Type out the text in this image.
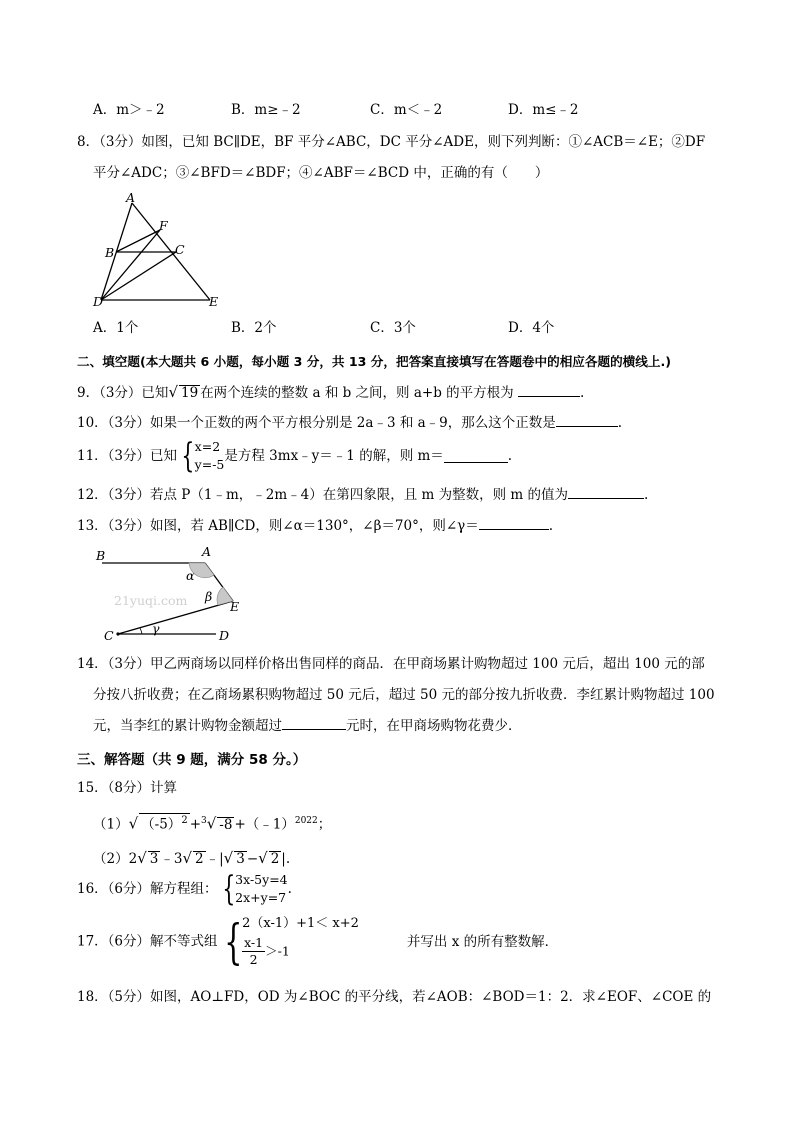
A．m＞﹣2	B．m≥﹣2	C．m＜﹣2	D．m≤﹣2
8．（3分）如图，已知 BC∥DE，BF 平分∠ABC，DC 平分∠ADE，则下列判断：①∠ACB＝∠E；②DF
平分∠ADC；③∠BFD＝∠BDF；④∠ABF＝∠BCD 中，正确的有（　　）
A
F
B	C
D	E
A．1个	B．2个	C．3个	D．4个
二、填空题(本大题共 6 小题，每小题 3 分，共 13 分，把答案直接填写在答题卷中的相应各题的横线上.)
9．（3分）已知√ 19 在两个连续的整数 a 和 b 之间，则 a+b 的平方根为	.
10．（3分）如果一个正数的两个平方根分别是 2a﹣3 和 a﹣9，那么这个正数是	.
11．（3分）已知 { x=2
y=-5
是方程 3mx﹣y＝﹣1 的解，则 m＝	.
12．（3分）若点 P（1﹣m，﹣2m﹣4）在第四象限，且 m 为整数，则 m 的值为	.
13．（3分）如图，若 AB∥CD，则∠α＝130°，∠β＝70°，则∠γ＝	.
B	A
α
β
E
C	γ	D
21yuqi.com
14．（3分）甲乙两商场以同样价格出售同样的商品．在甲商场累计购物超过 100 元后，超出 100 元的部
分按八折收费；在乙商场累积购物超过 50 元后，超过 50 元的部分按九折收费．李红累计购物超过 100
元，当李红的累计购物金额超过	元时，在甲商场购物花费少．
三、解答题（共 9 题，满分 58 分。）
15．（8分）计算
（1）√ $(-5)^2 +^3√$ -8 +（﹣1）$^{2022}$；
（2）2√ 3 ﹣3√ 2 ﹣|√ 3 −√ 2 |.
16．（6分）解方程组： { 3x-5y=4
2x+y=7
.
17．（6分）解不等式组 { 2（x-1）+1＜ x+2
$\frac{x-1}{2} >-1$
并写出 x 的所有整数解．
18．（5分）如图，AO⊥FD，OD 为∠BOC 的平分线，若∠AOB：∠BOD＝1：2．求∠EOF、∠COE 的
